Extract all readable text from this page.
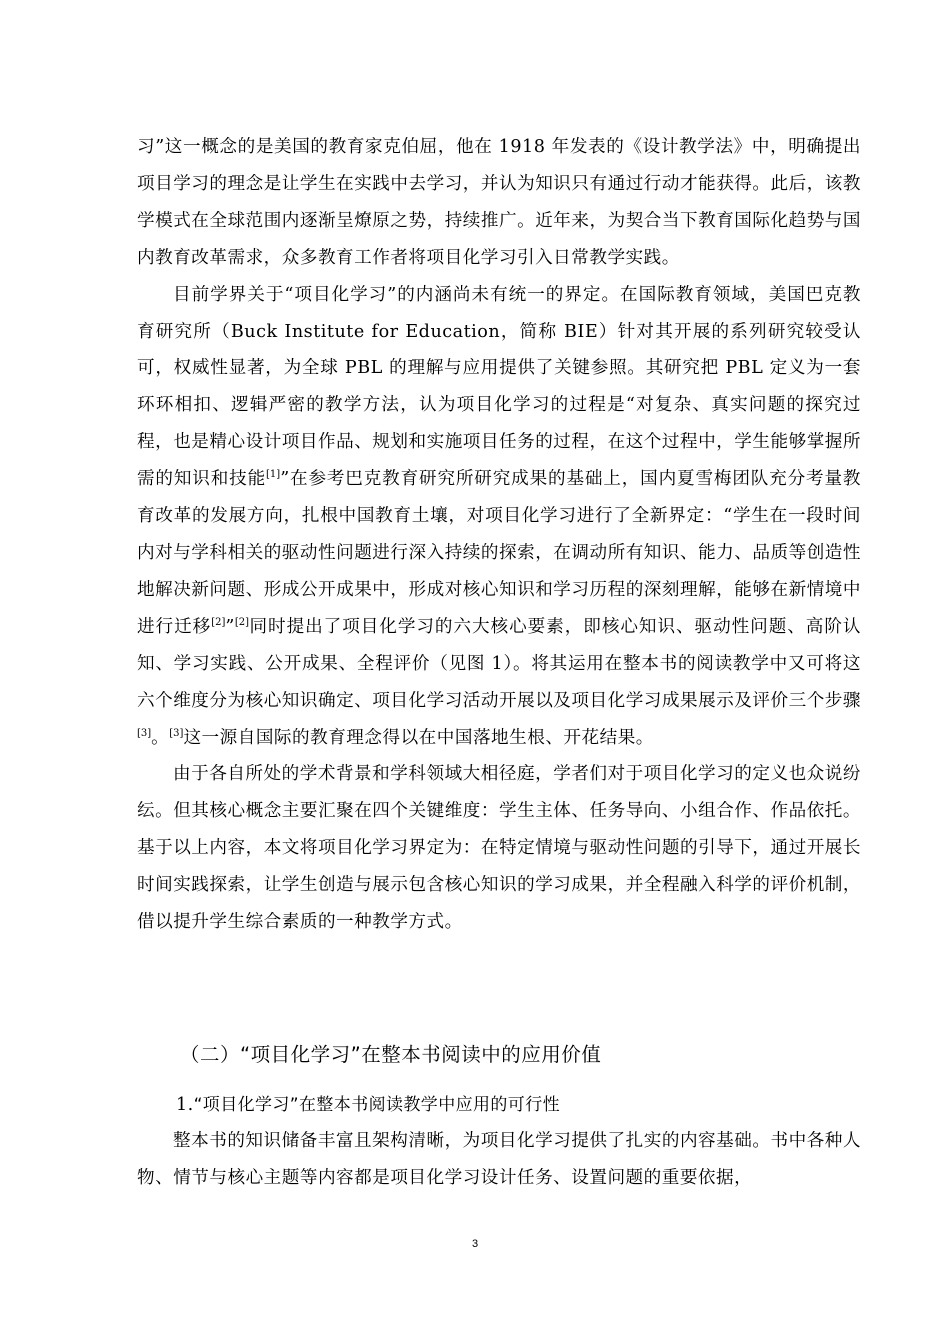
习”这一概念的是美国的教育家克伯屈，他在 1918 年发表的《设计教学法》中，明确提出项目学习的理念是让学生在实践中去学习，并认为知识只有通过行动才能获得。此后，该教学模式在全球范围内逐渐呈燎原之势，持续推广。近年来，为契合当下教育国际化趋势与国内教育改革需求，众多教育工作者将项目化学习引入日常教学实践。

目前学界关于“项目化学习”的内涵尚未有统一的界定。在国际教育领域，美国巴克教育研究所（Buck Institute for Education，简称 BIE）针对其开展的系列研究较受认可，权威性显著，为全球 PBL 的理解与应用提供了关键参照。其研究把 PBL 定义为一套环环相扣、逻辑严密的教学方法，认为项目化学习的过程是“对复杂、真实问题的探究过程，也是精心设计项目作品、规划和实施项目任务的过程，在这个过程中，学生能够掌握所需的知识和技能[1]”在参考巴克教育研究所研究成果的基础上，国内夏雪梅团队充分考量教育改革的发展方向，扎根中国教育土壤，对项目化学习进行了全新界定：“学生在一段时间内对与学科相关的驱动性问题进行深入持续的探索，在调动所有知识、能力、品质等创造性地解决新问题、形成公开成果中，形成对核心知识和学习历程的深刻理解，能够在新情境中进行迁移[2]”[2]同时提出了项目化学习的六大核心要素，即核心知识、驱动性问题、高阶认知、学习实践、公开成果、全程评价（见图 1）。将其运用在整本书的阅读教学中又可将这六个维度分为核心知识确定、项目化学习活动开展以及项目化学习成果展示及评价三个步骤[3]。[3]这一源自国际的教育理念得以在中国落地生根、开花结果。

由于各自所处的学术背景和学科领域大相径庭，学者们对于项目化学习的定义也众说纷纭。但其核心概念主要汇聚在四个关键维度：学生主体、任务导向、小组合作、作品依托。基于以上内容，本文将项目化学习界定为：在特定情境与驱动性问题的引导下，通过开展长时间实践探索，让学生创造与展示包含核心知识的学习成果，并全程融入科学的评价机制，借以提升学生综合素质的一种教学方式。

（二）“项目化学习”在整本书阅读中的应用价值
1.“项目化学习”在整本书阅读教学中应用的可行性

整本书的知识储备丰富且架构清晰，为项目化学习提供了扎实的内容基础。书中各种人物、情节与核心主题等内容都是项目化学习设计任务、设置问题的重要依据，

3
